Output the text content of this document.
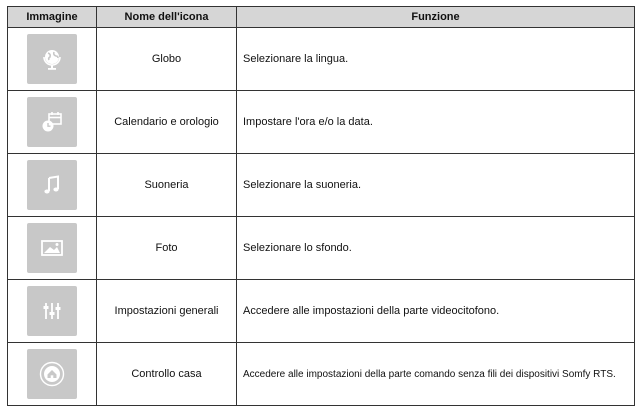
Immagine	Nome dell'icona	Funzione

	Globo	Selezionare la lingua.

	Calendario e orologio	Impostare l'ora e/o la data.

	Suoneria	Selezionare la suoneria.

	Foto	Selezionare lo sfondo.

	Impostazioni generali	Accedere alle impostazioni della parte videocitofono.

	Controllo casa	Accedere alle impostazioni della parte comando senza fili dei dispositivi Somfy RTS.
